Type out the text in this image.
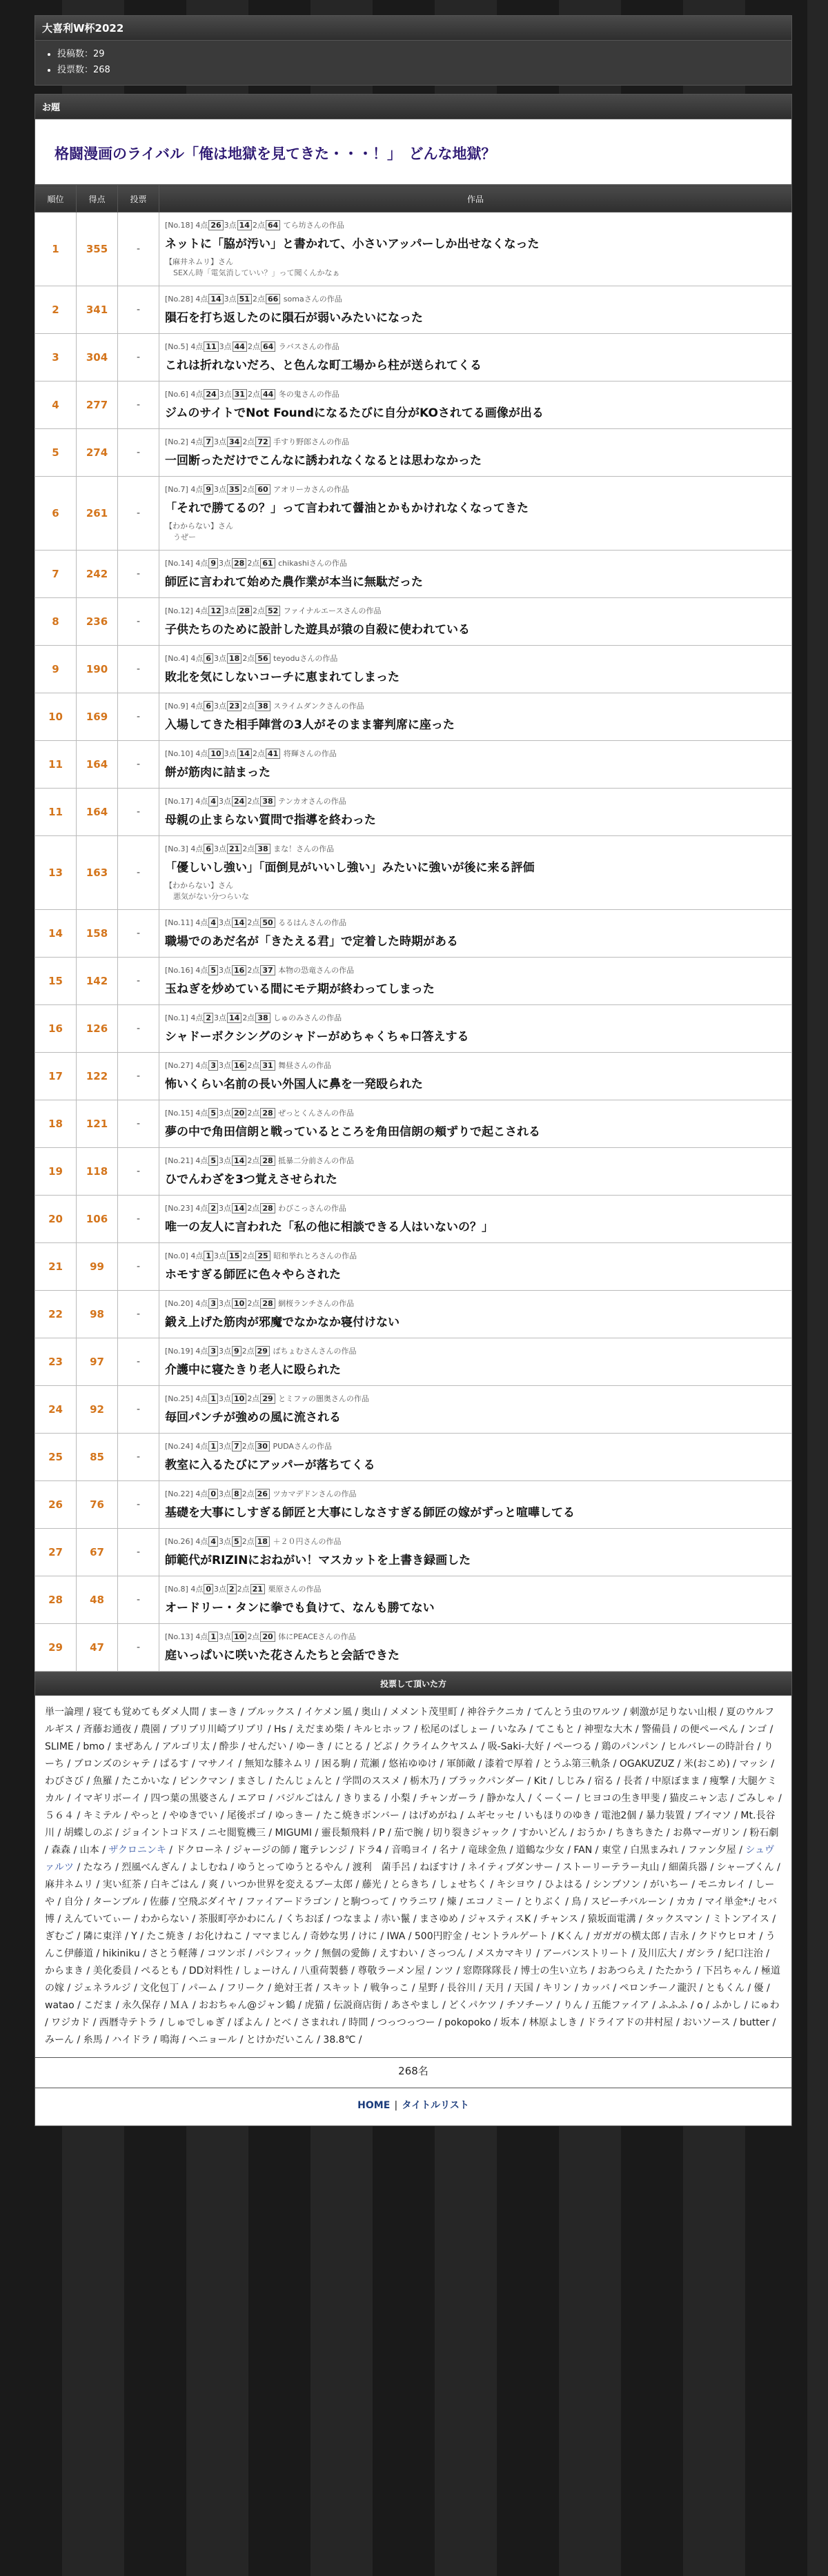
大喜利W杯2022
• 投稿数：29
• 投票数：268
お題
格闘漫画のライバル「俺は地獄を見てきた・・・！」　どんな地獄？
順位	得点	投票	作品
1	355	-	[No.18] 4点 26 3点 14 2点 64 てら坊さんの作品
ネットに「脇が汚い」と書かれて、小さいアッパーしか出せなくなった
【麻井ネムリ】さん
SEXん時「電気消していい？」って聞くんかなぁ

2	341	-	[No.28] 4点 14 3点 51 2点 66 somaさんの作品
隕石を打ち返したのに隕石が弱いみたいになった

3	304	-	[No.5] 4点 11 3点 44 2点 64 ラバスさんの作品
これは折れないだろ、と色んな町工場から柱が送られてくる

4	277	-	[No.6] 4点 24 3点 31 2点 44 冬の鬼さんの作品
ジムのサイトでNot Foundになるたびに自分がKOされてる画像が出る

5	274	-	[No.2] 4点 7 3点 34 2点 72 手すり野郎さんの作品
一回断っただけでこんなに誘われなくなるとは思わなかった

6	261	-	[No.7] 4点 9 3点 35 2点 60 アオリーカさんの作品
「それで勝てるの？」って言われて醤油とかもかけれなくなってきた
【わからない】さん
うぜー

7	242	-	[No.14] 4点 9 3点 28 2点 61 chikashiさんの作品
師匠に言われて始めた農作業が本当に無駄だった

8	236	-	[No.12] 4点 12 3点 28 2点 52 ファイナルエースさんの作品
子供たちのために設計した遊具が猿の自殺に使われている

9	190	-	[No.4] 4点 6 3点 18 2点 56 teyoduさんの作品
敗北を気にしないコーチに恵まれてしまった

10	169	-	[No.9] 4点 6 3点 23 2点 38 スライムダンクさんの作品
入場してきた相手陣営の3人がそのまま審判席に座った

11	164	-	[No.10] 4点 10 3点 14 2点 41 将輝さんの作品
餅が筋肉に詰まった

11	164	-	[No.17] 4点 4 3点 24 2点 38 テンカオさんの作品
母親の止まらない質問で指導を終わった

13	163	-	[No.3] 4点 6 3点 21 2点 38 まな！さんの作品
「優しいし強い」「面倒見がいいし強い」みたいに強いが後に来る評価
【わからない】さん
悪気がない分つらいな

14	158	-	[No.11] 4点 4 3点 14 2点 50 るるはんさんの作品
職場でのあだ名が「きたえる君」で定着した時期がある

15	142	-	[No.16] 4点 5 3点 16 2点 37 本物の恐竜さんの作品
玉ねぎを炒めている間にモテ期が終わってしまった

16	126	-	[No.1] 4点 2 3点 14 2点 38 しゅのみさんの作品
シャドーボクシングのシャドーがめちゃくちゃ口答えする

17	122	-	[No.27] 4点 3 3点 16 2点 31 舞昼さんの作品
怖いくらい名前の長い外国人に鼻を一発殴られた

18	121	-	[No.15] 4点 5 3点 20 2点 28 ぜっとくんさんの作品
夢の中で角田信朗と戦っているところを角田信朗の頬ずりで起こされる

19	118	-	[No.21] 4点 5 3点 14 2点 28 抵暴二分前さんの作品
ひでんわざを3つ覚えさせられた

20	106	-	[No.23] 4点 2 3点 14 2点 28 わびこっさんの作品
唯一の友人に言われた「私の他に相談できる人はいないの？」

21	99	-	[No.0] 4点 1 3点 15 2点 25 昭和挙れとろさんの作品
ホモすぎる師匠に色々やらされた

22	98	-	[No.20] 4点 3 3点 10 2点 28 網桜ランチさんの作品
鍛え上げた筋肉が邪魔でなかなか寝付けない

23	97	-	[No.19] 4点 3 3点 9 2点 29 ぱちょむさんさんの作品
介護中に寝たきり老人に殴られた

24	92	-	[No.25] 4点 1 3点 10 2点 29 とミファの闇奥さんの作品
毎回パンチが強めの風に流される

25	85	-	[No.24] 4点 1 3点 7 2点 30 PUDAさんの作品
教室に入るたびにアッパーが落ちてくる

26	76	-	[No.22] 4点 0 3点 8 2点 26 ツカマデドンさんの作品
基礎を大事にしすぎる師匠と大事にしなさすぎる師匠の嫁がずっと喧嘩してる

27	67	-	[No.26] 4点 4 3点 5 2点 18 ＋２０円さんの作品
師範代がRIZINにおねがい！マスカットを上書き録画した

28	48	-	[No.8] 4点 0 3点 2 2点 21 栗原さんの作品
オードリー・タンに拳でも負けて、なんも勝てない

29	47	-	[No.13] 4点 1 3点 10 2点 20 体にPEACEさんの作品
庭いっぱいに咲いた花さんたちと会話できた
投票して頂いた方
単一論理 / 寝ても覚めてもダメ人間 / まーき / ブルックス / イケメン風 / 奥山 / メメント茂里町 / 神谷テクニカ / てんとう虫のワルツ / 刺激が足りない山根 / 夏のウルフルギス / 斉藤お通夜 / 農園 / ブリブリ川崎ブリブリ / Hs / えだまめ柴 / キルヒホッフ / 松尾のばしょー / いなみ / てこもと / 神聖な大木 / 警備員 / の便ぺーペん / ンゴ / SLIME / bmo / まぜあん / アルゴリ太 / 酔歩 / せんだい / ゆーき / にとる / どぶ / クライムクヤスム / 吸-Saki-大好 / ペーつる / 鶏のパンパン / ヒルバレーの時計台 / りーち / ブロンズのシャテ / ぱるす / マサノイ / 無知な膝ネムリ / 困る駒 / 荒瀬 / 悠祐ゆゆけ / 軍師敵 / 漆着で厚着 / とうふ第三軌条 / OGAKUZUZ / 米(おこめ) / マッシ / わびさび / 魚羅 / たこかいな / ピンクマン / まさし / たんじょんと / 学問のススメ / 栃木乃 / ブラックパンダー / Kit / しじみ / 宿る / 長者 / 中原ぼまま / 痩撃 / 大腿ケミカル / イマギリボーイ / 四つ葉の黒婆さん / エアロ / バジルごはん / きりまる / 小梨 / チャンガーラ / 静かな人 / くーくー / ヒヨコの生き甲斐 / 猫皮ニャン志 / ごみしゃ / ５６４ / キミテル / やっと / やゆきでい / 尾後ポゴ / ゆっきー / たこ焼きボンバー / はげめがね / ムギセッセ / いもほりのゆき / 電池2個 / 暴力装置 / ブイマソ / Mt.長谷川 / 胡蝶しのぶ / ジョイントコドス / ニセ閲覧機三 / MIGUMI / 靈長類飛料 / P / 茄で腕 / 切り裂きジャック / すかいどん / おうか / ちきちきた / お鼻マーガリン / 粉石劇 / 森森 / 山本 / ザクロニンキ / ドクローネ / ジャージの師 / 竃テレンジ / ドラ4 / 音鳴ヨイ / 名ナ / 竜球金魚 / 道鶴な少女 / FAN / 東堂 / 白黒まみれ / ファン夕屋 / シュヴァルツ / たなろ / 烈風べんぎん / よしむね / ゆうとってゆうとるやん / 渡利　菌手呂 / ねぼすけ / ネイティブダンサー / ストーリーテラー丸山 / 細菌兵器 / シャーブくん / 麻井ネムリ / 実い紅茶 / 白キごはん / 爽 / いつか世界を変えるブー太郎 / 藤光 / とらきち / しょせちく / キシヨウ / ひよはる / シンブソン / がいちー / モニカレイ / しーや / 自分 / ターンブル / 佐藤 / 空飛ぶダイヤ / ファイアードラゴン / と駒つって / ウラニワ / 煉 / エコノミー / とりぶく / 鳥 / スピーチバルーン / カカ / マイ単金*:/ セバ博 / えんていてぃー / わからない / 茶服町亭かわにん / くちおぼ / つなまよ / 赤い鬣 / まさゆめ / ジャスティスK / チャンス / 猿坂面電溝 / タックスマン / ミトンアイス / ぎむご / 隣に東洋 / Y / たこ焼き / お化けねこ / ママまじん / 奇妙な男 / けに / IWA / 500円貯金 / セントラルゲート / Kくん / ガガガの横太郎 / 吉永 / クドウヒロオ / うんこ伊藤道 / hikiniku / さとう軽薄 / コツンボ / パシフィック / 無個の愛飾 / えすわい / さっつん / メスカマキリ / アーバンストリート / 及川広大 / ガシラ / 紀口注治 / からまき / 美化委員 / ぺるとも / DD対料性 / しょーけん / 八重荷製藝 / 尊敬ラーメン屋 / ンツ / 窓際隊隊長 / 博士の生い立ち / おあつらえ / たたかう / 下呂ちゃん / 極道の嫁 / ジェネラルジ / 文化包丁 / パーム / フリーク / 絶対王者 / スキット / 戦争っこ / 星野 / 長谷川 / 天月 / 天国 / キリン / カッバ / ペロンチーノ瀧沢 / ともくん / 優 / watao / こだま / 永久保存 / ＭＡ / おおちゃん@ジャン鶴 / 虎猫 / 伝説商店街 / あさやまし / どくパケツ / チソチーソ / りん / 五能ファイア / ふふふ / o / ふかし / にゅわ / ワジカド / 西暦寺テトラ / しゅでしゅぎ / ぽよん / とべ / さまれれ / 時間 / つっつっつー / pokopoko / 坂本 / 林原よしき / ドライアドの井村屋 / おいソース / butter / みーん / 糸馬 / ハイドラ / 鳴海 / ヘニョール / とけかだいこん / 38.8℃ /
268名
HOME | タイトルリスト
